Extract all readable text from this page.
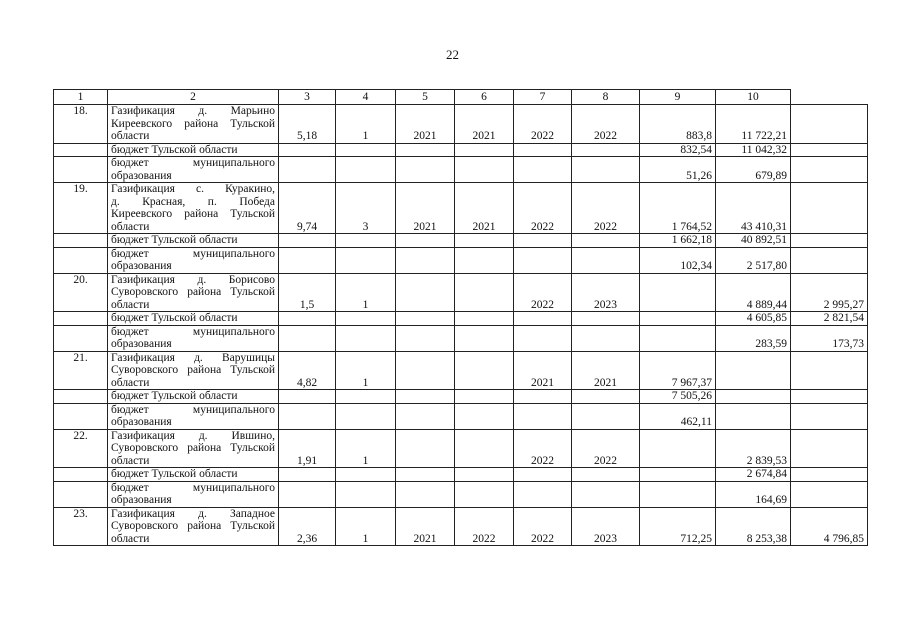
22
1	2	3	4	5	6	7	8	9	10	
18.	Газификация д. Марьино
Киреевского района Тульской
области	5,18	1	2021	2021	2022	2022	883,8	11 722,21	

	бюджет Тульской области							832,54	11 042,32	

	бюджет муниципального
образования							51,26	679,89	
19.	Газификация с. Куракино,
д. Красная, п. Победа
Киреевского района Тульской
области	9,74	3	2021	2021	2022	2022	1 764,52	43 410,31	

	бюджет Тульской области							1 662,18	40 892,51	

	бюджет муниципального
образования							102,34	2 517,80	
20.	Газификация д. Борисово
Суворовского района Тульской
области	1,5	1			2022	2023		4 889,44	2 995,27

	бюджет Тульской области								4 605,85	2 821,54

	бюджет муниципального
образования								283,59	173,73
21.	Газификация д. Варушицы
Суворовского района Тульской
области	4,82	1			2021	2021	7 967,37		

	бюджет Тульской области							7 505,26		

	бюджет муниципального
образования							462,11		
22.	Газификация д. Ившино,
Суворовского района Тульской
области	1,91	1			2022	2022		2 839,53	

	бюджет Тульской области								2 674,84	

	бюджет муниципального
образования								164,69	
23.	Газификация д. Западное
Суворовского района Тульской
области	2,36	1	2021	2022	2022	2023	712,25	8 253,38	4 796,85
